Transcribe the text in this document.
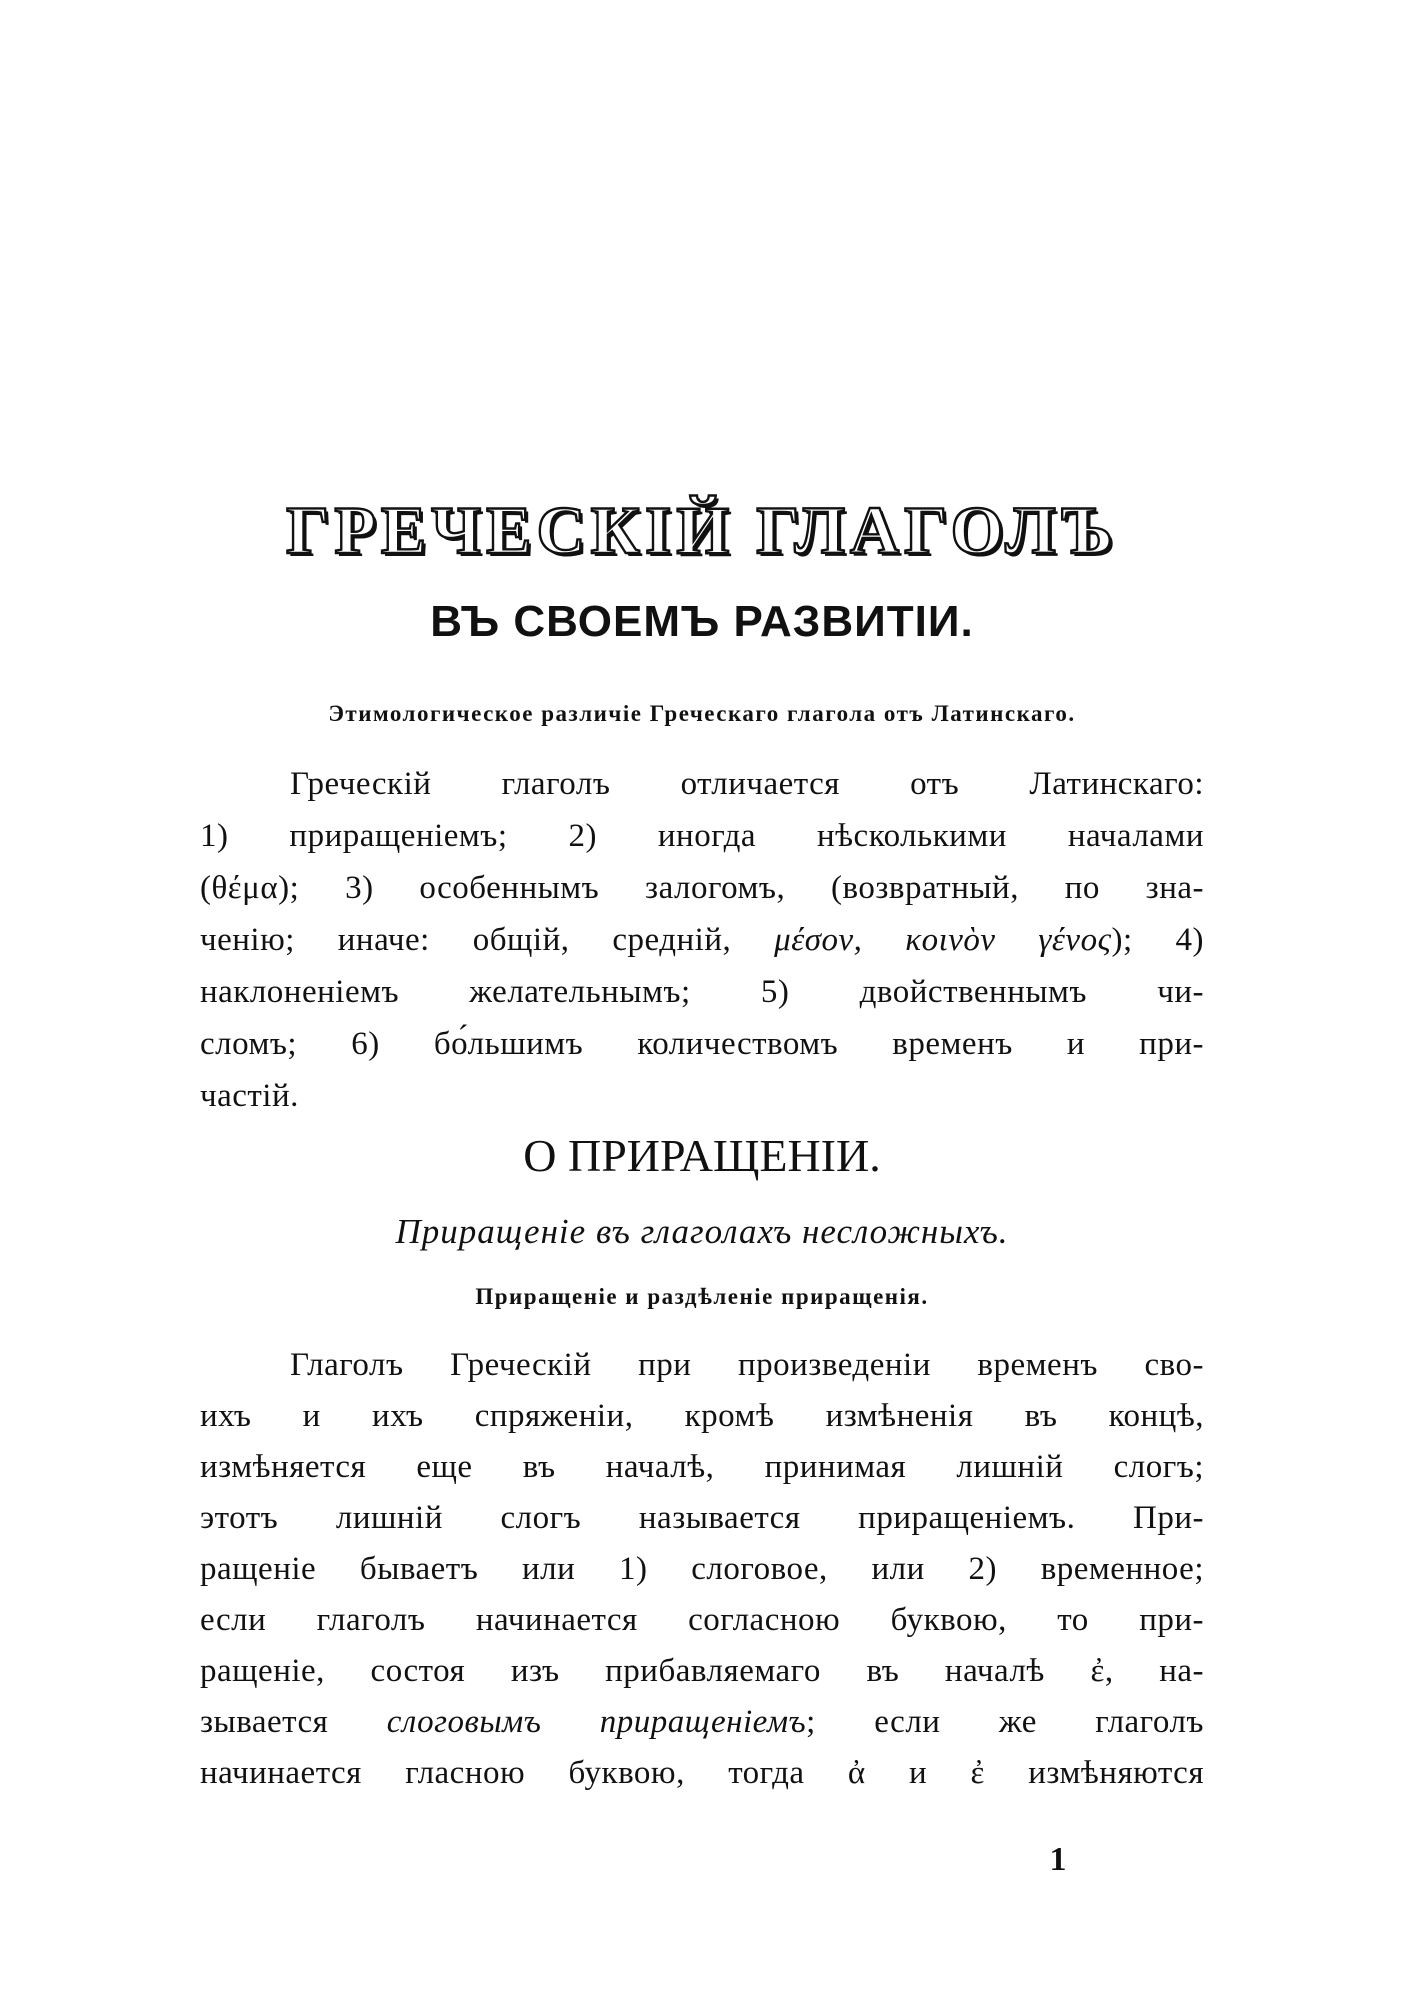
ГРЕЧЕСКІЙ ГЛАГОЛЪ
ВЪ СВОЕМЪ РАЗВИТІИ.
Этимологическое различіе Греческаго глагола отъ Латинскаго.
Греческій глаголъ отличается отъ Латинскаго:
1) приращеніемъ; 2) иногда нѣсколькими началами
(θέμα); 3) особеннымъ залогомъ, (возвратный, по зна-
ченію; иначе: общій, средній, μέσον, κοινὸν γένος); 4)
наклоненіемъ желательнымъ; 5) двойственнымъ чи-
сломъ; 6) бо́льшимъ количествомъ временъ и при-
частій.
О ПРИРАЩЕНІИ.
Приращеніе въ глаголахъ несложныхъ.
Приращеніе и раздѣленіе приращенія.
Глаголъ Греческій при произведеніи временъ сво-
ихъ и ихъ спряженіи, кромѣ измѣненія въ концѣ,
измѣняется еще въ началѣ, принимая лишній слогъ;
этотъ лишній слогъ называется приращеніемъ. При-
ращеніе бываетъ или 1) слоговое, или 2) временное;
если глаголъ начинается согласною буквою, то при-
ращеніе, состоя изъ прибавляемаго въ началѣ ἐ, на-
зывается слоговымъ приращеніемъ; если же глаголъ
начинается гласною буквою, тогда ἀ и ἐ измѣняются
1
